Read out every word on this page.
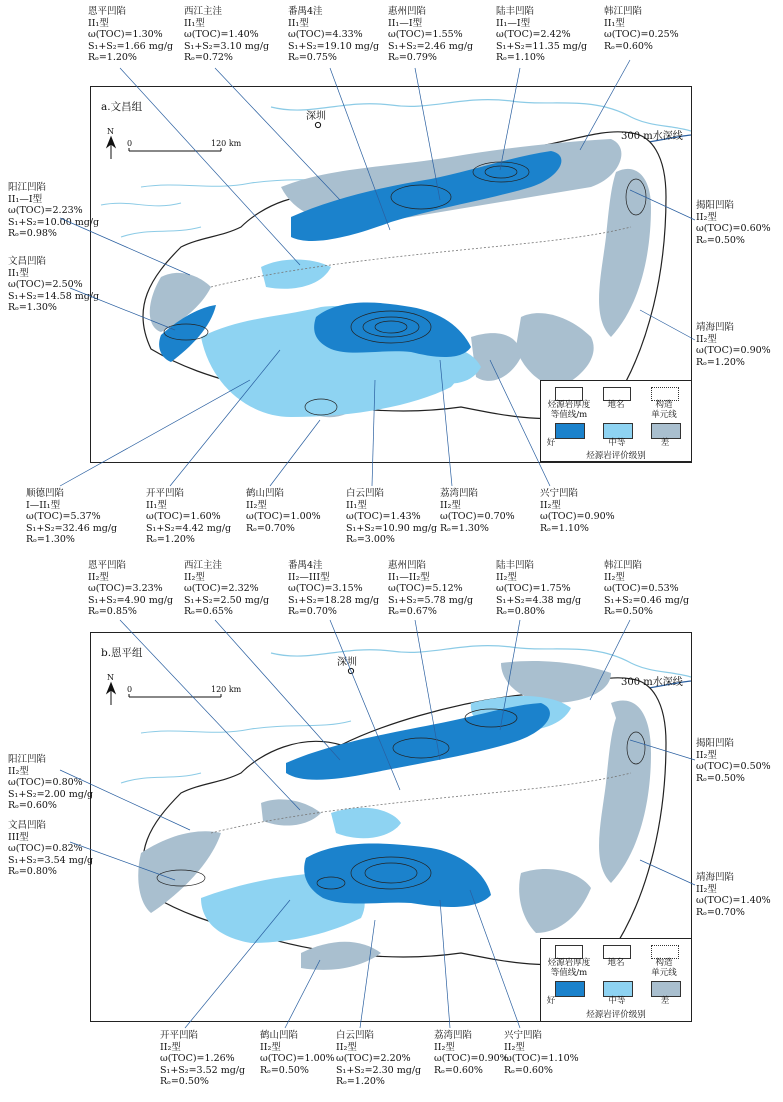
恩平凹陷
II₁型
ω(TOC)=1.30%
S₁+S₂=1.66 mg/g
Rₒ=1.20%
西江主洼
II₁型
ω(TOC)=1.40%
S₁+S₂=3.10 mg/g
Rₒ=0.72%
番禺4洼
II₁型
ω(TOC)=4.33%
S₁+S₂=19.10 mg/g
Rₒ=0.75%
惠州凹陷
II₁—I型
ω(TOC)=1.55%
S₁+S₂=2.46 mg/g
Rₒ=0.79%
陆丰凹陷
II₁—I型
ω(TOC)=2.42%
S₁+S₂=11.35 mg/g
Rₒ=1.10%
韩江凹陷
II₁型
ω(TOC)=0.25%
Rₒ=0.60%
a.文昌组
深圳
300 m水深线
N
0	120 km
烃源岩厚度
等值线/m
地名	构造
单元线
好	中等	差
烃源岩评价级别
阳江凹陷
II₁—I型
ω(TOC)=2.23%
S₁+S₂=10.00 mg/g
Rₒ=0.98%
文昌凹陷
II₁型
ω(TOC)=2.50%
S₁+S₂=14.58 mg/g
Rₒ=1.30%
揭阳凹陷
II₂型
ω(TOC)=0.60%
Rₒ=0.50%
靖海凹陷
II₂型
ω(TOC)=0.90%
Rₒ=1.20%
顺德凹陷
I—II₁型
ω(TOC)=5.37%
S₁+S₂=32.46 mg/g
Rₒ=1.30%
开平凹陷
II₁型
ω(TOC)=1.60%
S₁+S₂=4.42 mg/g
Rₒ=1.20%
鹤山凹陷
II₂型
ω(TOC)=1.00%
Rₒ=0.70%
白云凹陷
II₁型
ω(TOC)=1.43%
S₁+S₂=10.90 mg/g
Rₒ=3.00%
荔湾凹陷
II₂型
ω(TOC)=0.70%
Rₒ=1.30%
兴宁凹陷
II₂型
ω(TOC)=0.90%
Rₒ=1.10%
恩平凹陷
II₂型
ω(TOC)=3.23%
S₁+S₂=4.90 mg/g
Rₒ=0.85%
西江主洼
II₂型
ω(TOC)=2.32%
S₁+S₂=2.50 mg/g
Rₒ=0.65%
番禺4洼
II₂—III型
ω(TOC)=3.15%
S₁+S₂=18.28 mg/g
Rₒ=0.70%
惠州凹陷
II₁—II₂型
ω(TOC)=5.12%
S₁+S₂=5.78 mg/g
Rₒ=0.67%
陆丰凹陷
II₂型
ω(TOC)=1.75%
S₁+S₂=4.38 mg/g
Rₒ=0.80%
韩江凹陷
II₂型
ω(TOC)=0.53%
S₁+S₂=0.46 mg/g
Rₒ=0.50%
b.恩平组
深圳
300 m水深线
N
0	120 km
烃源岩厚度
等值线/m
地名	构造
单元线
好	中等	差
烃源岩评价级别
阳江凹陷
II₂型
ω(TOC)=0.80%
S₁+S₂=2.00 mg/g
Rₒ=0.60%
文昌凹陷
III型
ω(TOC)=0.82%
S₁+S₂=3.54 mg/g
Rₒ=0.80%
揭阳凹陷
II₂型
ω(TOC)=0.50%
Rₒ=0.50%
靖海凹陷
II₂型
ω(TOC)=1.40%
Rₒ=0.70%
开平凹陷
II₂型
ω(TOC)=1.26%
S₁+S₂=3.52 mg/g
Rₒ=0.50%
鹤山凹陷
II₂型
ω(TOC)=1.00%
Rₒ=0.50%
白云凹陷
II₂型
ω(TOC)=2.20%
S₁+S₂=2.30 mg/g
Rₒ=1.20%
荔湾凹陷
II₂型
ω(TOC)=0.90%
Rₒ=0.60%
兴宁凹陷
II₂型
ω(TOC)=1.10%
Rₒ=0.60%
